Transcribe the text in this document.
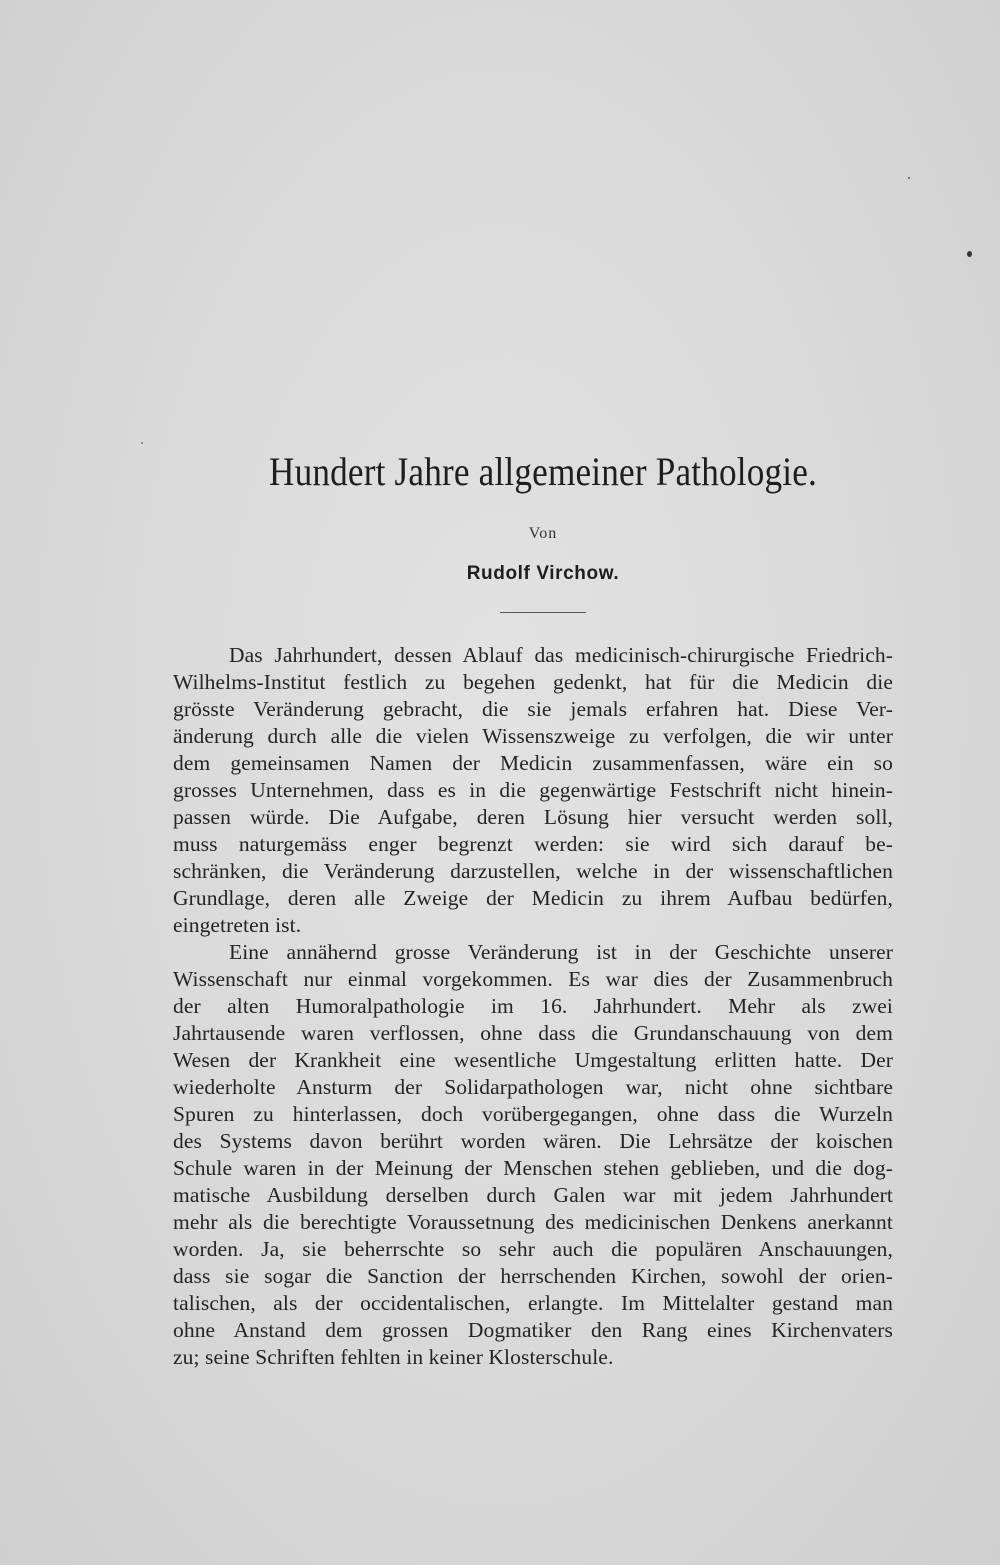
Hundert Jahre allgemeiner Pathologie.
Von
Rudolf Virchow.
Das Jahrhundert, dessen Ablauf das medicinisch-chirurgische Friedrich-
Wilhelms-Institut festlich zu begehen gedenkt, hat für die Medicin die
grösste Veränderung gebracht, die sie jemals erfahren hat. Diese Ver-
änderung durch alle die vielen Wissenszweige zu verfolgen, die wir unter
dem gemeinsamen Namen der Medicin zusammenfassen, wäre ein so
grosses Unternehmen, dass es in die gegenwärtige Festschrift nicht hinein-
passen würde. Die Aufgabe, deren Lösung hier versucht werden soll,
muss naturgemäss enger begrenzt werden: sie wird sich darauf be-
schränken, die Veränderung darzustellen, welche in der wissenschaftlichen
Grundlage, deren alle Zweige der Medicin zu ihrem Aufbau bedürfen,
eingetreten ist.
Eine annähernd grosse Veränderung ist in der Geschichte unserer
Wissenschaft nur einmal vorgekommen. Es war dies der Zusammenbruch
der alten Humoralpathologie im 16. Jahrhundert. Mehr als zwei
Jahrtausende waren verflossen, ohne dass die Grundanschauung von dem
Wesen der Krankheit eine wesentliche Umgestaltung erlitten hatte. Der
wiederholte Ansturm der Solidarpathologen war, nicht ohne sichtbare
Spuren zu hinterlassen, doch vorübergegangen, ohne dass die Wurzeln
des Systems davon berührt worden wären. Die Lehrsätze der koischen
Schule waren in der Meinung der Menschen stehen geblieben, und die dog-
matische Ausbildung derselben durch Galen war mit jedem Jahrhundert
mehr als die berechtigte Voraussetnung des medicinischen Denkens anerkannt
worden. Ja, sie beherrschte so sehr auch die populären Anschauungen,
dass sie sogar die Sanction der herrschenden Kirchen, sowohl der orien-
talischen, als der occidentalischen, erlangte. Im Mittelalter gestand man
ohne Anstand dem grossen Dogmatiker den Rang eines Kirchenvaters
zu; seine Schriften fehlten in keiner Klosterschule.
